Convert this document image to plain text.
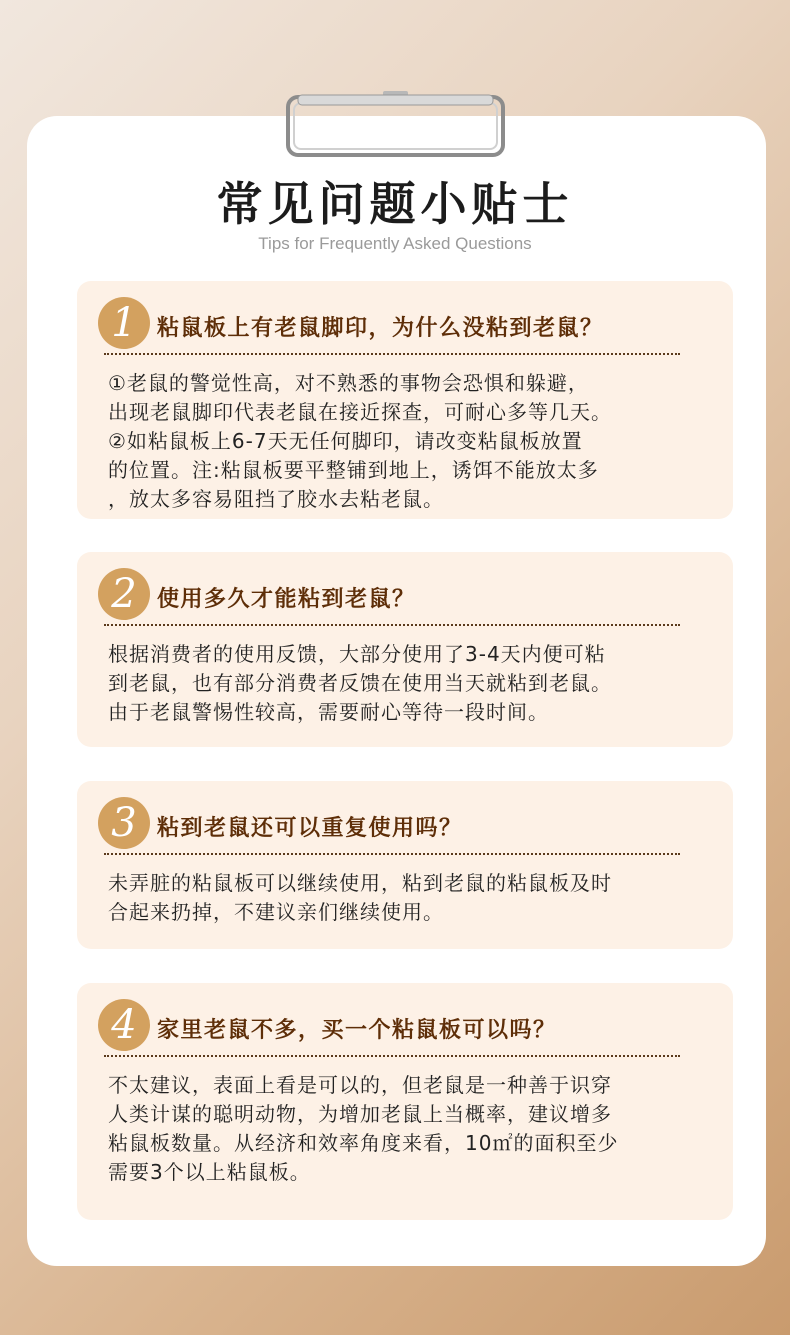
常见问题小贴士
Tips for Frequently Asked Questions
1 粘鼠板上有老鼠脚印，为什么没粘到老鼠？

①老鼠的警觉性高，对不熟悉的事物会恐惧和躲避，

出现老鼠脚印代表老鼠在接近探查，可耐心多等几天。

②如粘鼠板上6-7天无任何脚印，请改变粘鼠板放置

的位置。注:粘鼠板要平整铺到地上，诱饵不能放太多

，放太多容易阻挡了胶水去粘老鼠。

2 使用多久才能粘到老鼠？

根据消费者的使用反馈，大部分使用了3-4天内便可粘

到老鼠，也有部分消费者反馈在使用当天就粘到老鼠。

由于老鼠警惕性较高，需要耐心等待一段时间。

3 粘到老鼠还可以重复使用吗？

未弄脏的粘鼠板可以继续使用，粘到老鼠的粘鼠板及时

合起来扔掉，不建议亲们继续使用。

4 家里老鼠不多，买一个粘鼠板可以吗？

不太建议，表面上看是可以的，但老鼠是一种善于识穿

人类计谋的聪明动物，为增加老鼠上当概率，建议增多

粘鼠板数量。从经济和效率角度来看，10㎡的面积至少

需要3个以上粘鼠板。
